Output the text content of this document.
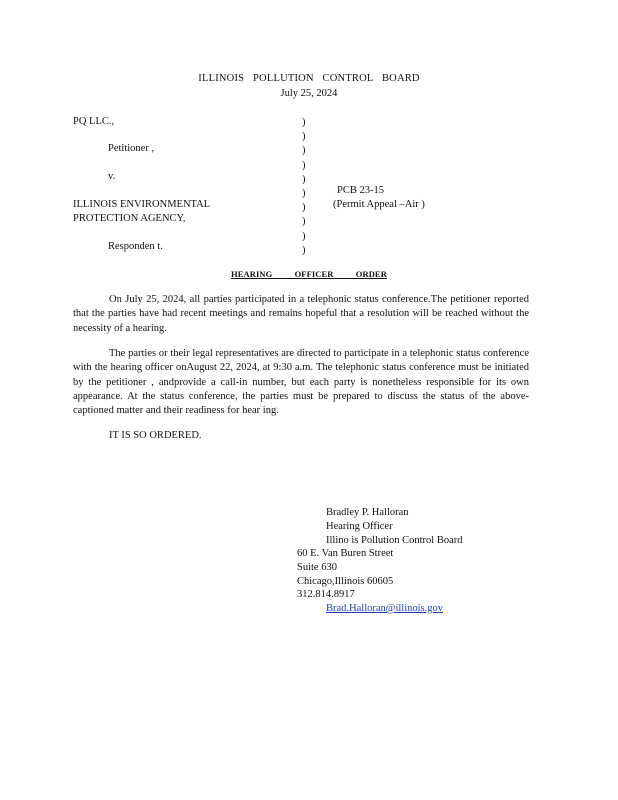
ILLINOIS POLLUTION CONTROL BOARD
July 25, 2024
PQ LLC.,
Petitioner ,
v.
ILLINOIS ENVIRONMENTAL
PROTECTION AGENCY,
Responden t.
)
)
)
)
)
)
)
)
)
)
PCB 23-15
(Permit Appeal –Air )
HEARING OFFICER ORDER
On July 25, 2024, all parties participated in a telephonic status conference.The petitioner reported that the parties have had recent meetings and remains hopeful that a resolution will be reached without the necessity of a hearing.
The parties or their legal representatives are directed to participate in a telephonic status conference with the hearing officer onAugust 22, 2024, at 9:30 a.m. The telephonic status conference must be initiated by the petitioner , andprovide a call-in number, but each party is nonetheless responsible for its own appearance. At the status conference, the parties must be prepared to discuss the status of the above- captioned matter and their readiness for hear ing.
IT IS SO ORDERED.
Bradley P. Halloran
Hearing Officer
Illino is Pollution Control Board
60 E. Van Buren Street
Suite 630
Chicago,Illinois 60605
312.814.8917
Brad.Halloran@illinois.gov
